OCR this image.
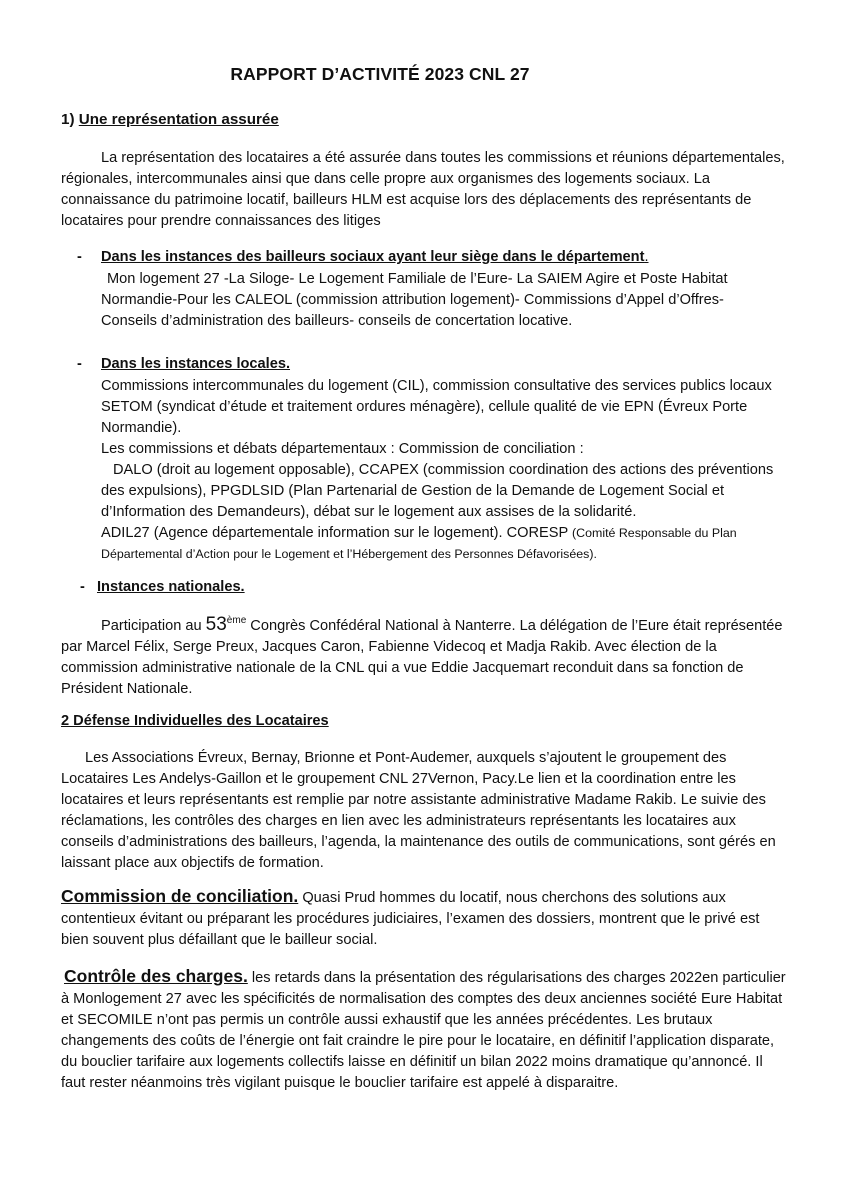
RAPPORT D’ACTIVITÉ 2023 CNL 27
1) Une représentation assurée

La représentation des locataires a été assurée dans toutes les commissions et réunions départementales, régionales, intercommunales ainsi que dans celle propre aux organismes des logements sociaux. La connaissance du patrimoine locatif, bailleurs HLM est acquise lors des déplacements des représentants de locataires pour prendre connaissances des litiges

- Dans les instances des bailleurs sociaux ayant leur siège dans le département.

Mon logement 27 -La Siloge- Le Logement Familiale de l’Eure- La SAIEM Agire et Poste Habitat Normandie-Pour les CALEOL (commission attribution logement)- Commissions d’Appel d’Offres-Conseils d’administration des bailleurs- conseils de concertation locative.

- Dans les instances locales.
Commissions intercommunales du logement (CIL), commission consultative des services publics locaux SETOM (syndicat d’étude et traitement ordures ménagère), cellule qualité de vie EPN (Évreux Porte Normandie).
Les commissions et débats départementaux : Commission de conciliation :
DALO (droit au logement opposable), CCAPEX (commission coordination des actions des préventions des expulsions), PPGDLSID (Plan Partenarial de Gestion de la Demande de Logement Social et d’Information des Demandeurs), débat sur le logement aux assises de la solidarité.
ADIL27 (Agence départementale information sur le logement). CORESP (Comité Responsable du Plan Départemental d’Action pour le Logement et l’Hébergement des Personnes Défavorisées).
- Instances nationales.

Participation au 53ème Congrès Confédéral National à Nanterre. La délégation de l’Eure était représentée par Marcel Félix, Serge Preux, Jacques Caron, Fabienne Videcoq et Madja Rakib. Avec élection de la commission administrative nationale de la CNL qui a vue Eddie Jacquemart reconduit dans sa fonction de Président Nationale.

2 Défense Individuelles des Locataires

Les Associations Évreux, Bernay, Brionne et Pont-Audemer, auxquels s’ajoutent le groupement des Locataires Les Andelys-Gaillon et le groupement CNL 27Vernon, Pacy.Le lien et la coordination entre les locataires et leurs représentants est remplie par notre assistante administrative Madame Rakib. Le suivie des réclamations, les contrôles des charges en lien avec les administrateurs représentants les locataires aux conseils d’administrations des bailleurs, l’agenda, la maintenance des outils de communications, sont gérés en laissant place aux objectifs de formation.

Commission de conciliation. Quasi Prud hommes du locatif, nous cherchons des solutions aux contentieux évitant ou préparant les procédures judiciaires, l’examen des dossiers, montrent que le privé est bien souvent plus défaillant que le bailleur social.

Contrôle des charges. les retards dans la présentation des régularisations des charges 2022en particulier à Monlogement 27 avec les spécificités de normalisation des comptes des deux anciennes société Eure Habitat et SECOMILE n’ont pas permis un contrôle aussi exhaustif que les années précédentes. Les brutaux changements des coûts de l’énergie ont fait craindre le pire pour le locataire, en définitif l’application disparate, du bouclier tarifaire aux logements collectifs laisse en définitif un bilan 2022 moins dramatique qu’annoncé. Il faut rester néanmoins très vigilant puisque le bouclier tarifaire est appelé à disparaitre.
